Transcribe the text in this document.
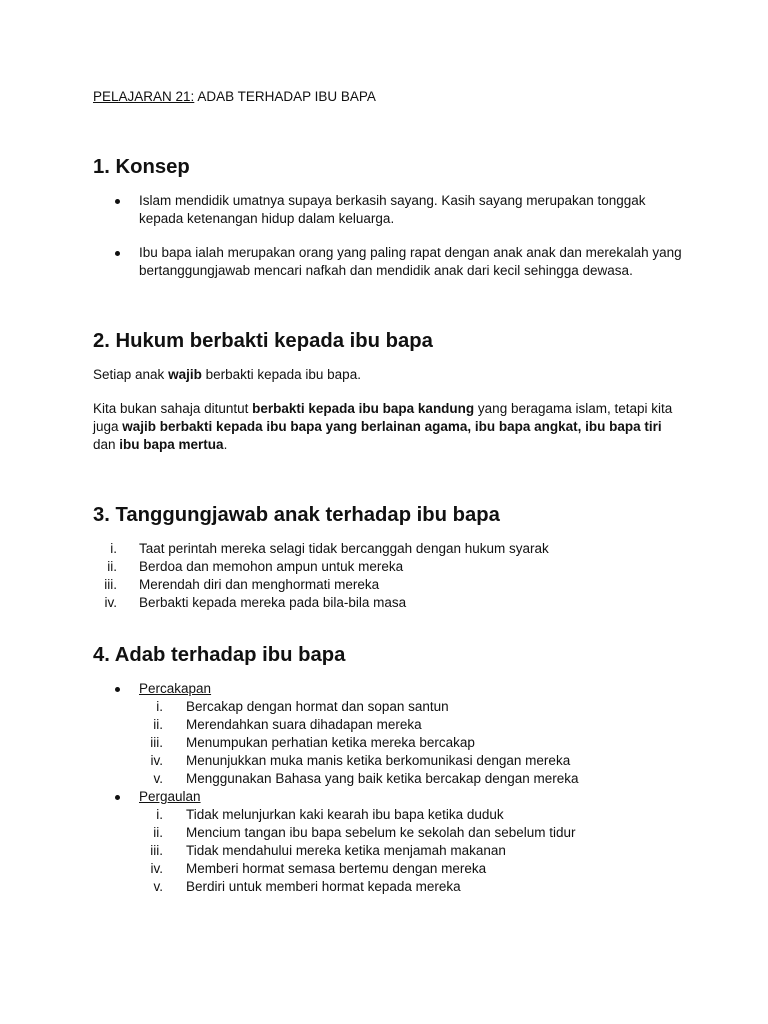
PELAJARAN 21: ADAB TERHADAP IBU BAPA
1. Konsep
Islam mendidik umatnya supaya berkasih sayang. Kasih sayang merupakan tonggak kepada ketenangan hidup dalam keluarga.
Ibu bapa ialah merupakan orang yang paling rapat dengan anak anak dan merekalah yang bertanggungjawab mencari nafkah dan mendidik anak dari kecil sehingga dewasa.
2. Hukum berbakti kepada ibu bapa

Setiap anak wajib berbakti kepada ibu bapa.

Kita bukan sahaja dituntut berbakti kepada ibu bapa kandung yang beragama islam, tetapi kita juga wajib berbakti kepada ibu bapa yang berlainan agama, ibu bapa angkat, ibu bapa tiri dan ibu bapa mertua.

3. Tanggungjawab anak terhadap ibu bapa
i. Taat perintah mereka selagi tidak bercanggah dengan hukum syarak
ii. Berdoa dan memohon ampun untuk mereka
iii. Merendah diri dan menghormati mereka
iv. Berbakti kepada mereka pada bila-bila masa
4. Adab terhadap ibu bapa
Percakapan
i. Bercakap dengan hormat dan sopan santun
ii. Merendahkan suara dihadapan mereka
iii. Menumpukan perhatian ketika mereka bercakap
iv. Menunjukkan muka manis ketika berkomunikasi dengan mereka
v. Menggunakan Bahasa yang baik ketika bercakap dengan mereka
Pergaulan
i. Tidak melunjurkan kaki kearah ibu bapa ketika duduk
ii. Mencium tangan ibu bapa sebelum ke sekolah dan sebelum tidur
iii. Tidak mendahului mereka ketika menjamah makanan
iv. Memberi hormat semasa bertemu dengan mereka
v. Berdiri untuk memberi hormat kepada mereka
